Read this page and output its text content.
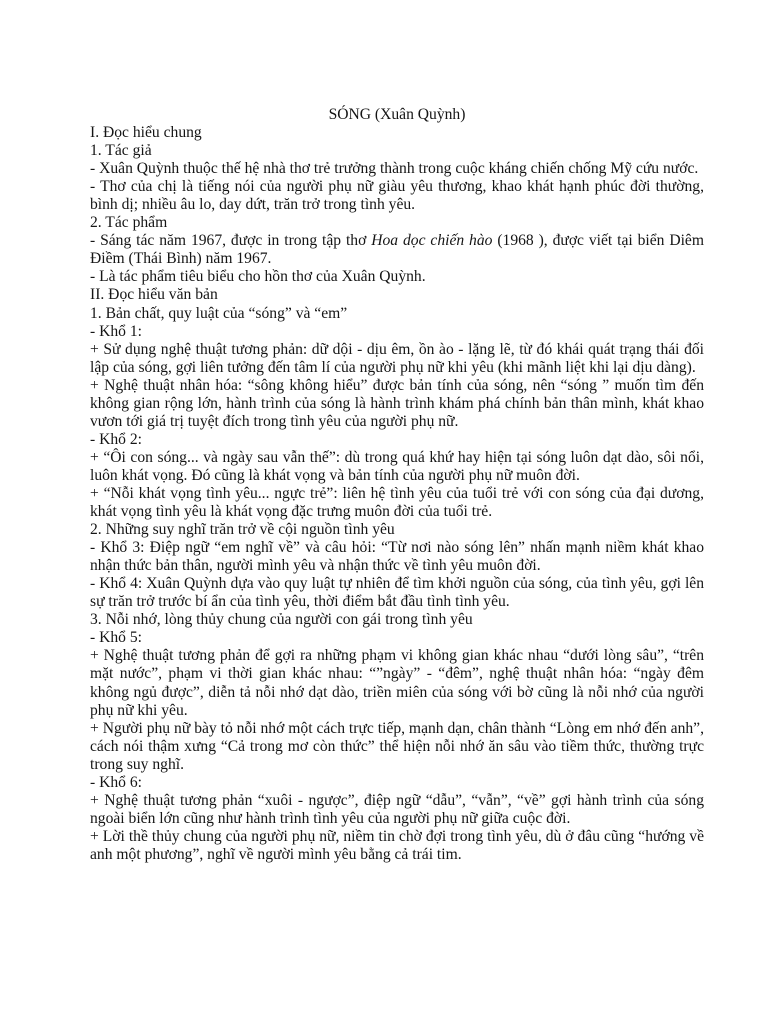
SÓNG (Xuân Quỳnh)

I. Đọc hiểu chung

1. Tác giả

- Xuân Quỳnh thuộc thế hệ nhà thơ trẻ trưởng thành trong cuộc kháng chiến chống Mỹ cứu nước.

- Thơ của chị là tiếng nói của người phụ nữ giàu yêu thương, khao khát hạnh phúc đời thường, bình dị; nhiều âu lo, day dứt, trăn trở trong tình yêu.

2. Tác phẩm

- Sáng tác năm 1967, được in trong tập thơ Hoa dọc chiến hào (1968 ), được viết tại biển Diêm Điềm (Thái Bình) năm 1967.

- Là tác phẩm tiêu biểu cho hồn thơ của Xuân Quỳnh.

II. Đọc hiểu văn bản

1. Bản chất, quy luật của “sóng” và “em”

- Khổ 1:

+ Sử dụng nghệ thuật tương phản: dữ dội - dịu êm, ồn ào - lặng lẽ, từ đó khái quát trạng thái đối lập của sóng, gợi liên tưởng đến tâm lí của người phụ nữ khi yêu (khi mãnh liệt khi lại dịu dàng).

+ Nghệ thuật nhân hóa: “sông không hiểu” được bản tính của sóng, nên “sóng ” muốn tìm đến không gian rộng lớn, hành trình của sóng là hành trình khám phá chính bản thân mình, khát khao vươn tới giá trị tuyệt đích trong tình yêu của người phụ nữ.

- Khổ 2:

+ “Ôi con sóng... và ngày sau vẫn thế”: dù trong quá khứ hay hiện tại sóng luôn dạt dào, sôi nổi, luôn khát vọng. Đó cũng là khát vọng và bản tính của người phụ nữ muôn đời.

+ “Nỗi khát vọng tình yêu... ngực trẻ”: liên hệ tình yêu của tuổi trẻ với con sóng của đại dương, khát vọng tình yêu là khát vọng đặc trưng muôn đời của tuổi trẻ.

2. Những suy nghĩ trăn trở về cội nguồn tình yêu

- Khổ 3: Điệp ngữ “em nghĩ về” và câu hỏi: “Từ nơi nào sóng lên” nhấn mạnh niềm khát khao nhận thức bản thân, người mình yêu và nhận thức về tình yêu muôn đời.

- Khổ 4: Xuân Quỳnh dựa vào quy luật tự nhiên để tìm khởi nguồn của sóng, của tình yêu, gợi lên sự trăn trở trước bí ẩn của tình yêu, thời điểm bắt đầu tình tình yêu.

3. Nỗi nhớ, lòng thủy chung của người con gái trong tình yêu

- Khổ 5:

+ Nghệ thuật tương phản để gợi ra những phạm vi không gian khác nhau “dưới lòng sâu”, “trên mặt nước”, phạm vi thời gian khác nhau: “”ngày” - “đêm”, nghệ thuật nhân hóa: “ngày đêm không ngủ được”, diễn tả nỗi nhớ dạt dào, triền miên của sóng với bờ cũng là nỗi nhớ của người phụ nữ khi yêu.

+ Người phụ nữ bày tỏ nỗi nhớ một cách trực tiếp, mạnh dạn, chân thành “Lòng em nhớ đến anh”, cách nói thậm xưng “Cả trong mơ còn thức” thể hiện nỗi nhớ ăn sâu vào tiềm thức, thường trực trong suy nghĩ.

- Khổ 6:

+ Nghệ thuật tương phản “xuôi - ngược”, điệp ngữ “dẫu”, “vẫn”, “về” gợi hành trình của sóng ngoài biển lớn cũng như hành trình tình yêu của người phụ nữ giữa cuộc đời.

+ Lời thề thủy chung của người phụ nữ, niềm tin chờ đợi trong tình yêu, dù ở đâu cũng “hướng về anh một phương”, nghĩ về người mình yêu bằng cả trái tim.
